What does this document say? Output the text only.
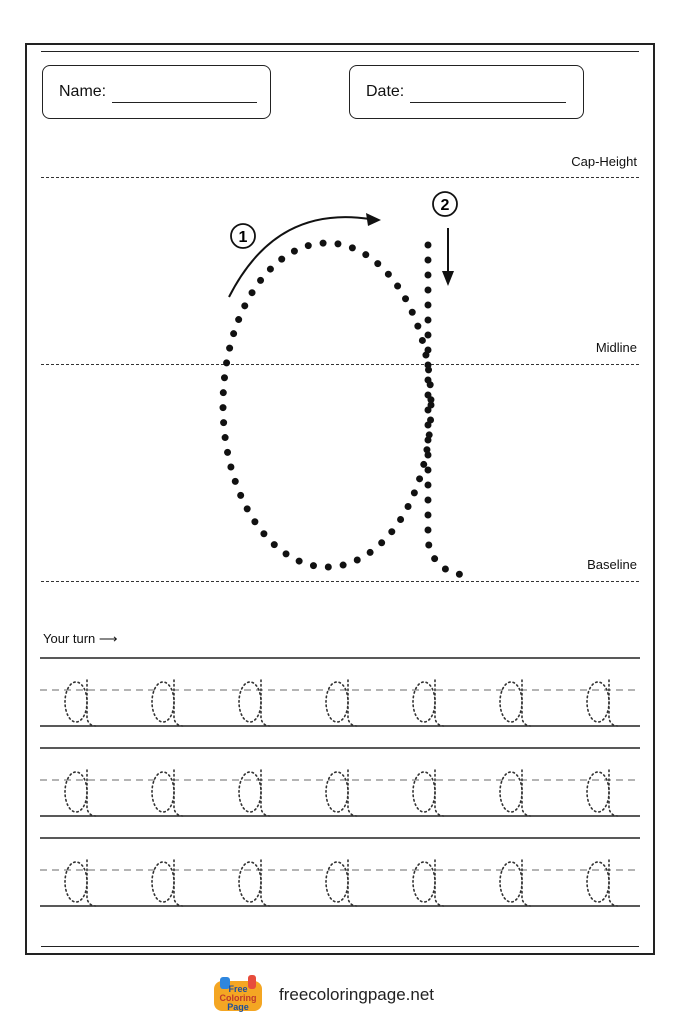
Name:	Date:
Cap-Height
Midline
Baseline
Your turn ⟶
1
2
Free
Coloring
Page
freecoloringpage.net
